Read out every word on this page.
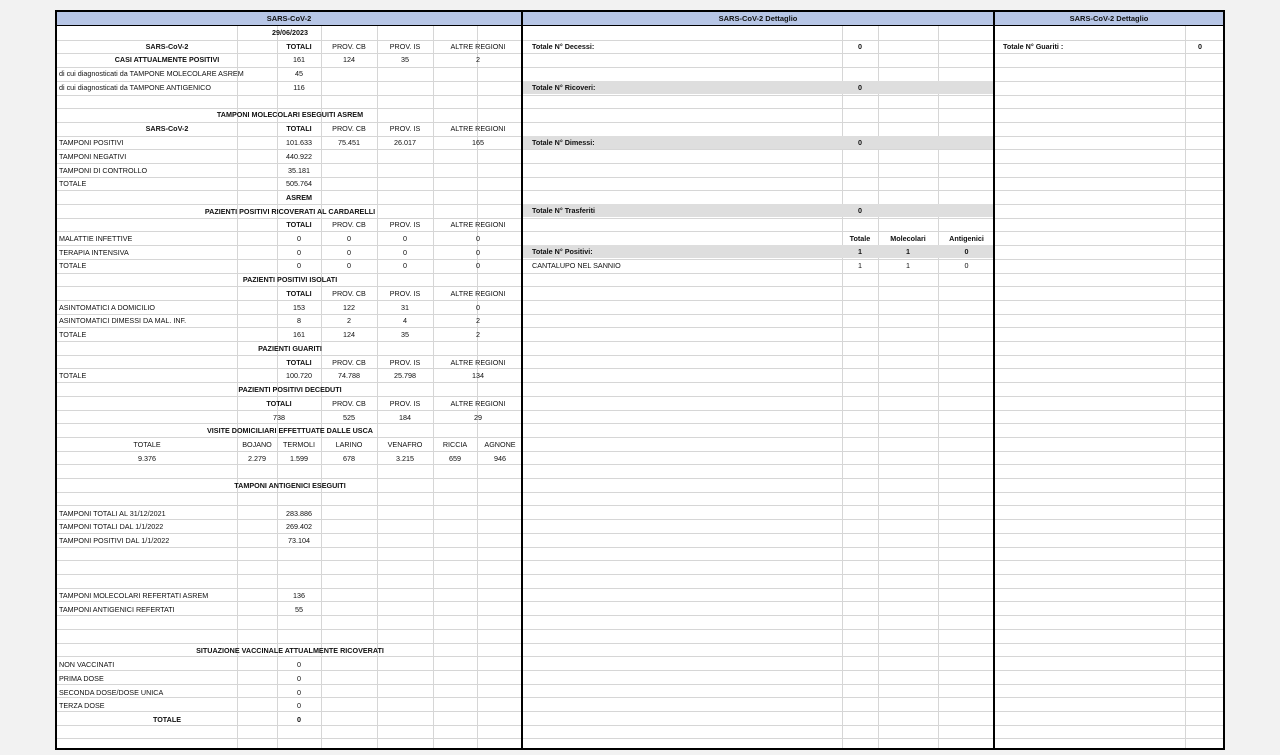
SARS-CoV-2
29/06/2023
SARS-CoV-2	TOTALI	PROV. CB	PROV. IS	ALTRE REGIONI
CASI ATTUALMENTE POSITIVI	161	124	35	2
di cui diagnosticati da TAMPONE MOLECOLARE ASREM	45
di cui diagnosticati da TAMPONE ANTIGENICO	116
TAMPONI MOLECOLARI ESEGUITI ASREM
SARS-CoV-2	TOTALI	PROV. CB	PROV. IS	ALTRE REGIONI
TAMPONI POSITIVI	101.633	75.451	26.017	165
TAMPONI NEGATIVI	440.922
TAMPONI DI CONTROLLO	35.181
TOTALE	505.764
ASREM
PAZIENTI POSITIVI RICOVERATI AL CARDARELLI
TOTALI	PROV. CB	PROV. IS	ALTRE REGIONI
MALATTIE INFETTIVE	0	0	0	0
TERAPIA INTENSIVA	0	0	0	0
TOTALE	0	0	0	0
PAZIENTI POSITIVI ISOLATI
TOTALI	PROV. CB	PROV. IS	ALTRE REGIONI
ASINTOMATICI A DOMICILIO	153	122	31	0
ASINTOMATICI DIMESSI DA MAL. INF.	8	2	4	2
TOTALE	161	124	35	2
PAZIENTI GUARITI
TOTALI	PROV. CB	PROV. IS	ALTRE REGIONI
TOTALE	100.720	74.788	25.798	134
PAZIENTI POSITIVI DECEDUTI
TOTALI	PROV. CB	PROV. IS	ALTRE REGIONI
738	525	184	29
VISITE DOMICILIARI EFFETTUATE DALLE USCA
TOTALE	BOJANO	TERMOLI	LARINO	VENAFRO	RICCIA	AGNONE
9.376	2.279	1.599	678	3.215	659	946
TAMPONI ANTIGENICI ESEGUITI
TAMPONI TOTALI AL 31/12/2021	283.886
TAMPONI TOTALI DAL 1/1/2022	269.402
TAMPONI POSITIVI DAL 1/1/2022	73.104
TAMPONI MOLECOLARI REFERTATI ASREM	136
TAMPONI ANTIGENICI REFERTATI	55
SITUAZIONE VACCINALE ATTUALMENTE RICOVERATI
NON VACCINATI	0
PRIMA DOSE	0
SECONDA DOSE/DOSE UNICA	0
TERZA DOSE	0
TOTALE	0
SARS-CoV-2 Dettaglio
Totale N° Decessi:	0
Totale N° Ricoveri:	0
Totale N° Dimessi:	0
Totale N° Trasferiti	0
Totale	Molecolari	Antigenici
Totale N° Positivi:	1	1	0
CANTALUPO NEL SANNIO	1	1	0
SARS-CoV-2 Dettaglio
Totale N° Guariti :	0
